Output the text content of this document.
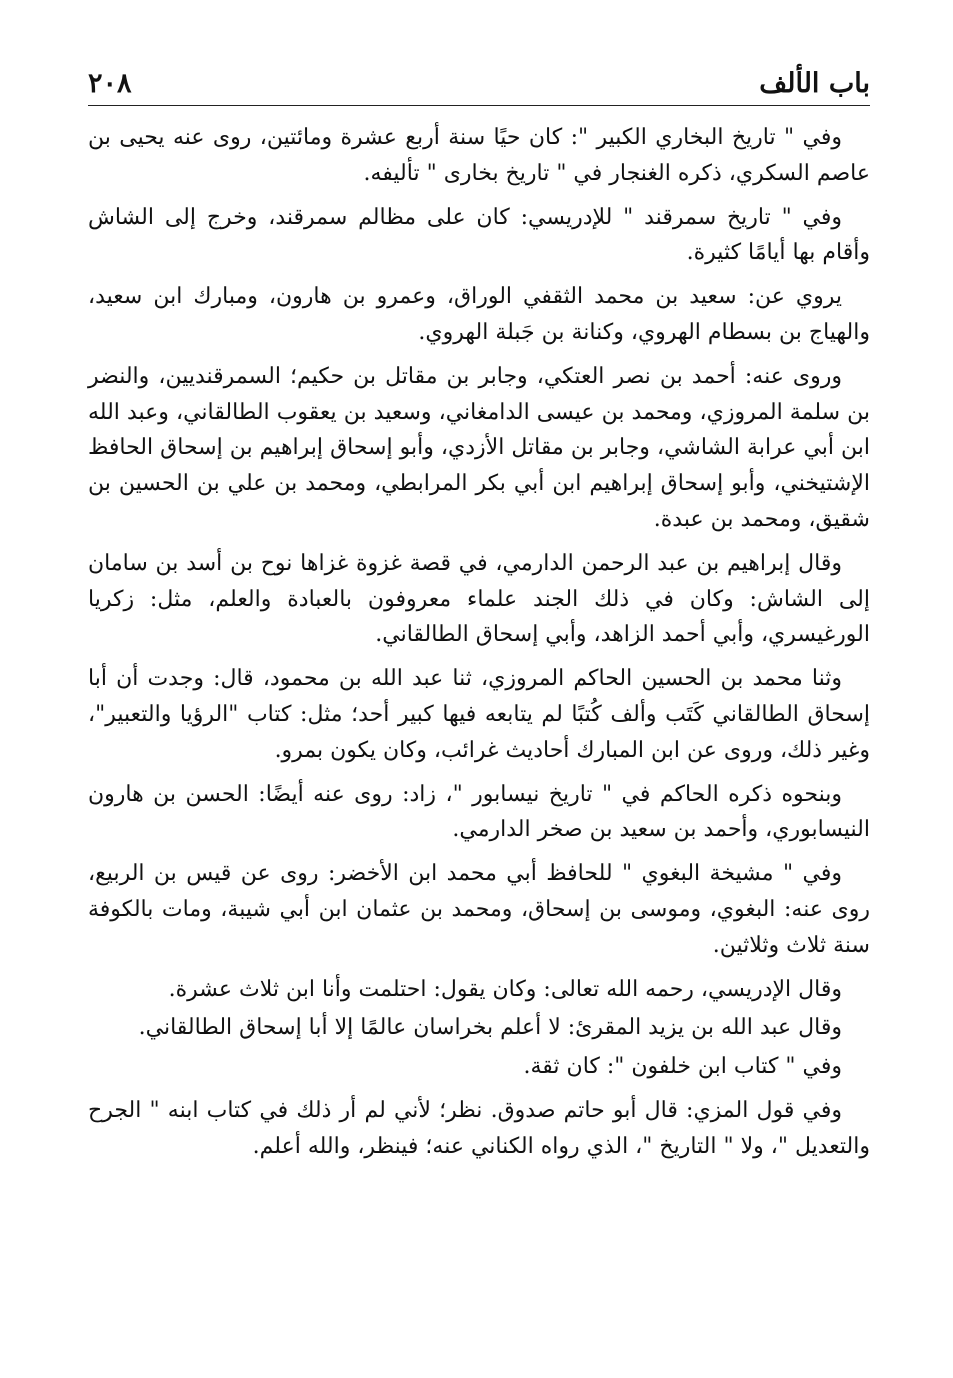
باب الألف
٢٠٨

وفي " تاريخ البخاري الكبير ": كان حيًا سنة أربع عشرة ومائتين، روى عنه يحيى بن عاصم السكري، ذكره الغنجار في " تاريخ بخارى " تأليفه.

وفي " تاريخ سمرقند " للإدريسي: كان على مظالم سمرقند، وخرج إلى الشاش وأقام بها أيامًا كثيرة.

يروي عن: سعيد بن محمد الثقفي الوراق، وعمرو بن هارون، ومبارك ابن سعيد، والهياج بن بسطام الهروي، وكنانة بن جَبلة الهروي.

وروى عنه: أحمد بن نصر العتكي، وجابر بن مقاتل بن حكيم؛ السمرقنديين، والنضر بن سلمة المروزي، ومحمد بن عيسى الدامغاني، وسعيد بن يعقوب الطالقاني، وعبد الله ابن أبي عرابة الشاشي، وجابر بن مقاتل الأزدي، وأبو إسحاق إبراهيم بن إسحاق الحافظ الإشتيخني، وأبو إسحاق إبراهيم ابن أبي بكر المرابطي، ومحمد بن علي بن الحسين بن شقيق، ومحمد بن عبدة.

وقال إبراهيم بن عبد الرحمن الدارمي، في قصة غزوة غزاها نوح بن أسد بن سامان إلى الشاش: وكان في ذلك الجند علماء معروفون بالعبادة والعلم، مثل: زكريا الورغيسري، وأبي أحمد الزاهد، وأبي إسحاق الطالقاني.

وثنا محمد بن الحسين الحاكم المروزي، ثنا عبد الله بن محمود، قال: وجدت أن أبا إسحاق الطالقاني كَتَب وألف كُتبًا لم يتابعه فيها كبير أحد؛ مثل: كتاب "الرؤيا والتعبير"، وغير ذلك، وروى عن ابن المبارك أحاديث غرائب، وكان يكون بمرو.

وبنحوه ذكره الحاكم في " تاريخ نيسابور "، زاد: روى عنه أيضًا: الحسن بن هارون النيسابوري، وأحمد بن سعيد بن صخر الدارمي.

وفي " مشيخة البغوي " للحافظ أبي محمد ابن الأخضر: روى عن قيس بن الربيع، روى عنه: البغوي، وموسى بن إسحاق، ومحمد بن عثمان ابن أبي شيبة، ومات بالكوفة سنة ثلاث وثلاثين.

وقال الإدريسي، رحمه الله تعالى: وكان يقول: احتلمت وأنا ابن ثلاث عشرة.

وقال عبد الله بن يزيد المقرئ: لا أعلم بخراسان عالمًا إلا أبا إسحاق الطالقاني.

وفي " كتاب ابن خلفون ": كان ثقة.

وفي قول المزي: قال أبو حاتم صدوق. نظر؛ لأني لم أر ذلك في كتاب ابنه " الجرح والتعديل "، ولا " التاريخ "، الذي رواه الكناني عنه؛ فينظر، والله أعلم.
